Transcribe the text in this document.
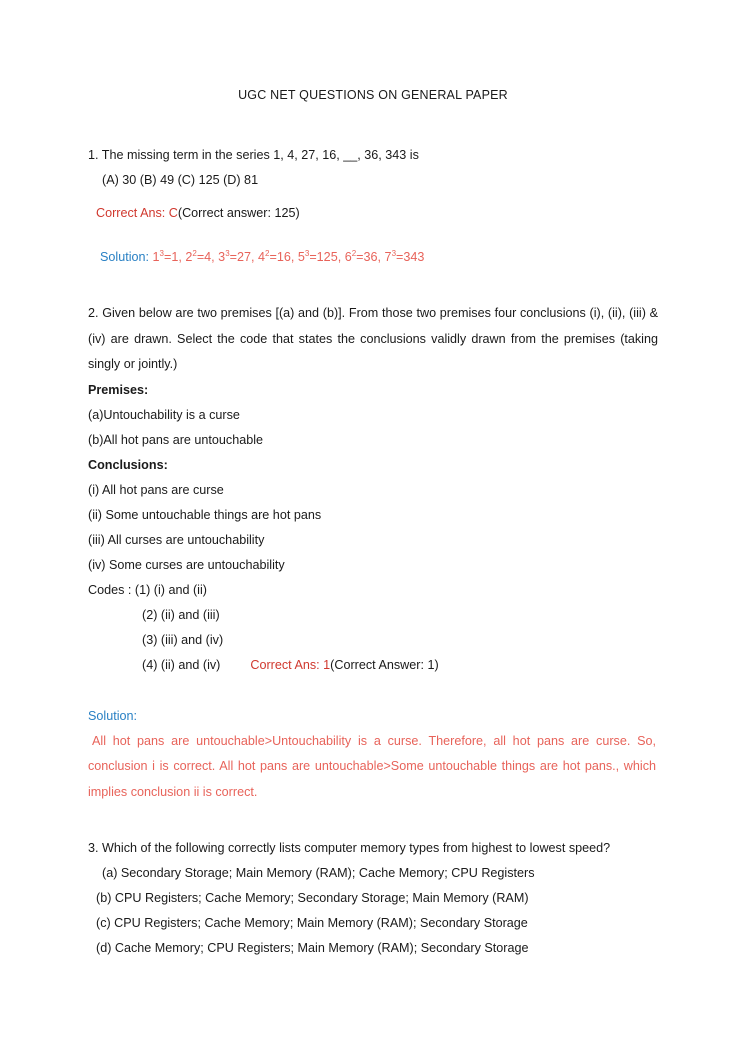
UGC NET QUESTIONS ON GENERAL PAPER
1. The missing term in the series 1, 4, 27, 16, __, 36, 343 is
(A) 30 (B) 49 (C) 125 (D) 81
Correct Ans: C(Correct answer: 125)
Solution: $1^3=1$, $2^2=4$, $3^3=27$, $4^2=16$, $5^3=125$, $6^2=36$, $7^3=343$
2. Given below are two premises [(a) and (b)]. From those two premises four conclusions (i), (ii), (iii) & (iv) are drawn. Select the code that states the conclusions validly drawn from the premises (taking singly or jointly.)
Premises:
(a)Untouchability is a curse
(b)All hot pans are untouchable
Conclusions:
(i) All hot pans are curse
(ii) Some untouchable things are hot pans
(iii) All curses are untouchability
(iv) Some curses are untouchability
Codes : (1) (i) and (ii)
(2) (ii) and (iii)
(3) (iii) and (iv)
(4) (ii) and (iv) Correct Ans: 1(Correct Answer: 1)
Solution:
All hot pans are untouchable>Untouchability is a curse. Therefore, all hot pans are curse. So, conclusion i is correct. All hot pans are untouchable>Some untouchable things are hot pans., which implies conclusion ii is correct.
3. Which of the following correctly lists computer memory types from highest to lowest speed?
(a) Secondary Storage; Main Memory (RAM); Cache Memory; CPU Registers
(b) CPU Registers; Cache Memory; Secondary Storage; Main Memory (RAM)
(c) CPU Registers; Cache Memory; Main Memory (RAM); Secondary Storage
(d) Cache Memory; CPU Registers; Main Memory (RAM); Secondary Storage
